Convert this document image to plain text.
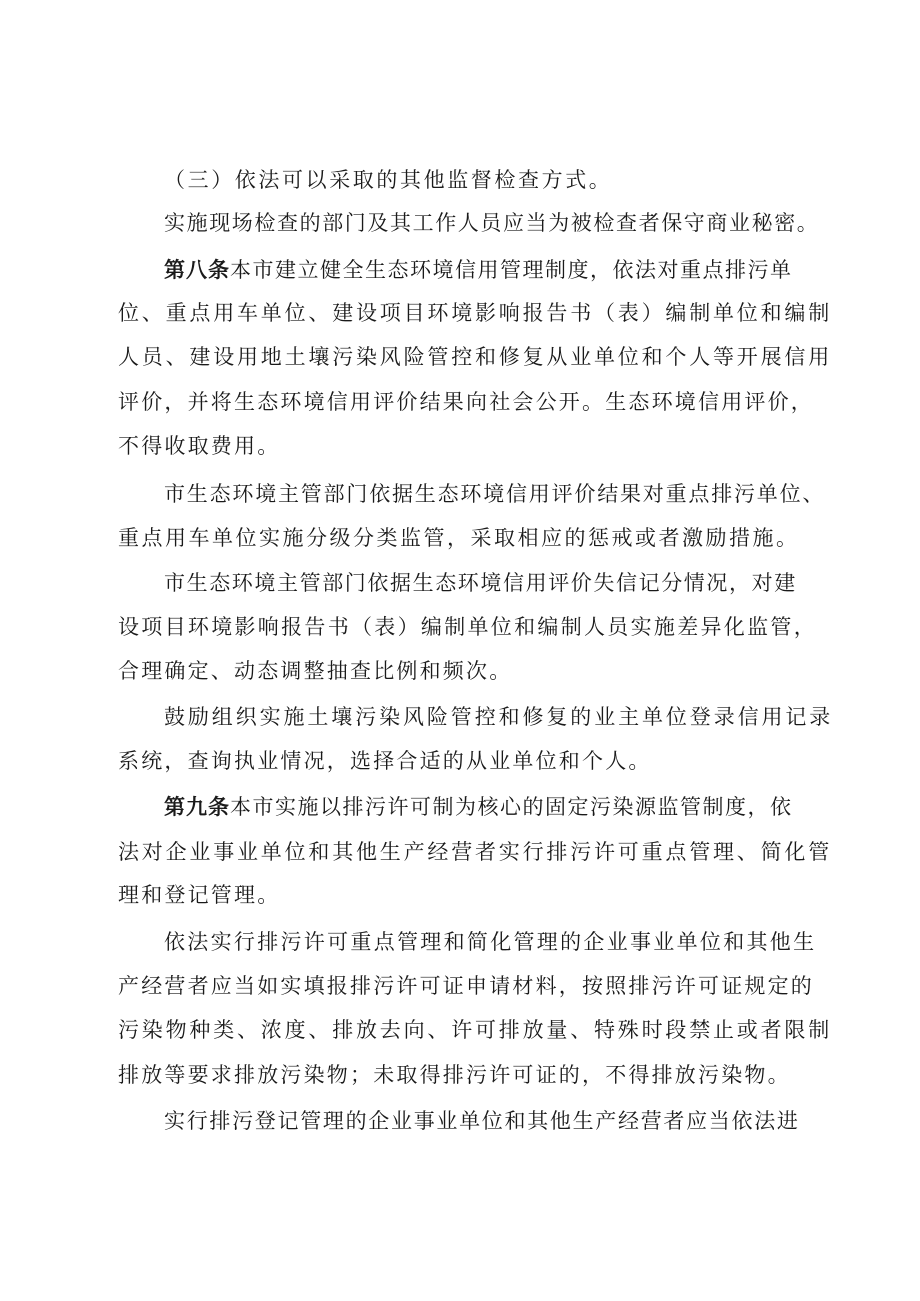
（三）依法可以采取的其他监督检查方式。
实施现场检查的部门及其工作人员应当为被检查者保守商业秘密。
第八条本市建立健全生态环境信用管理制度，依法对重点排污单
位、重点用车单位、建设项目环境影响报告书（表）编制单位和编制
人员、建设用地土壤污染风险管控和修复从业单位和个人等开展信用
评价，并将生态环境信用评价结果向社会公开。生态环境信用评价，
不得收取费用。
市生态环境主管部门依据生态环境信用评价结果对重点排污单位、
重点用车单位实施分级分类监管，采取相应的惩戒或者激励措施。
市生态环境主管部门依据生态环境信用评价失信记分情况，对建
设项目环境影响报告书（表）编制单位和编制人员实施差异化监管，
合理确定、动态调整抽查比例和频次。
鼓励组织实施土壤污染风险管控和修复的业主单位登录信用记录
系统，查询执业情况，选择合适的从业单位和个人。
第九条本市实施以排污许可制为核心的固定污染源监管制度，依
法对企业事业单位和其他生产经营者实行排污许可重点管理、简化管
理和登记管理。
依法实行排污许可重点管理和简化管理的企业事业单位和其他生
产经营者应当如实填报排污许可证申请材料，按照排污许可证规定的
污染物种类、浓度、排放去向、许可排放量、特殊时段禁止或者限制
排放等要求排放污染物；未取得排污许可证的，不得排放污染物。
实行排污登记管理的企业事业单位和其他生产经营者应当依法进
